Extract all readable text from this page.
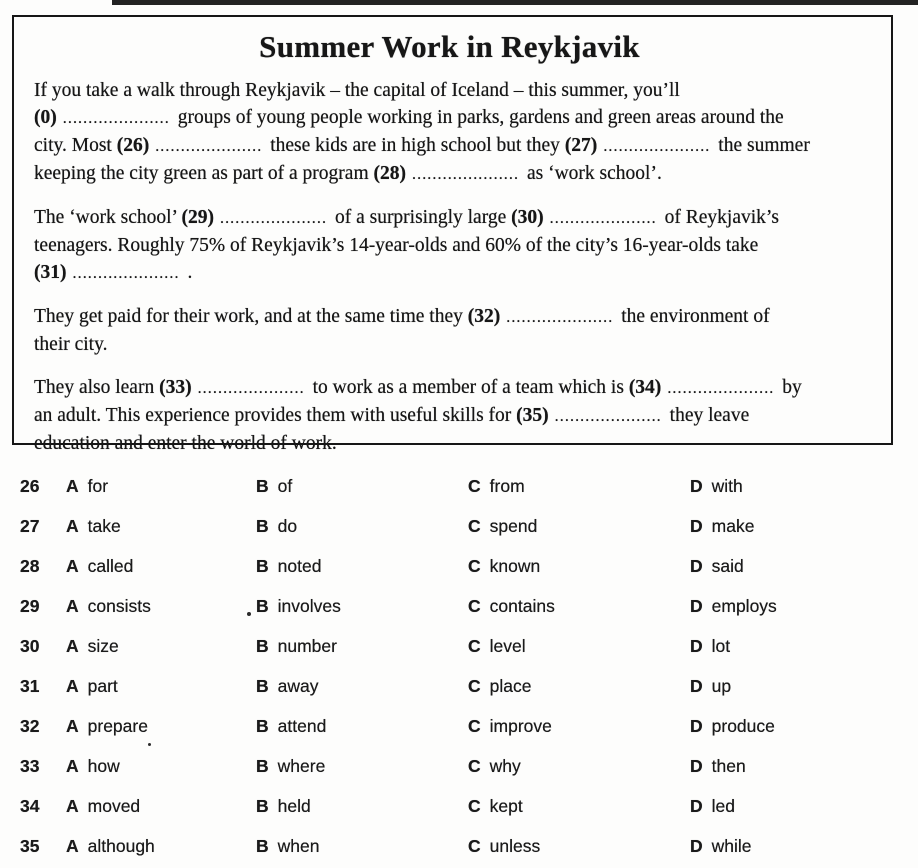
Summer Work in Reykjavik
If you take a walk through Reykjavik – the capital of Iceland – this summer, you’ll
(0) ..................... groups of young people working in parks, gardens and green areas around the
city. Most (26) ..................... these kids are in high school but they (27) ..................... the summer
keeping the city green as part of a program (28) ..................... as ‘work school’.
The ‘work school’ (29) ..................... of a surprisingly large (30) ..................... of Reykjavik’s
teenagers. Roughly 75% of Reykjavik’s 14-year-olds and 60% of the city’s 16-year-olds take
(31) ..................... .
They get paid for their work, and at the same time they (32) ..................... the environment of
their city.
They also learn (33) ..................... to work as a member of a team which is (34) ..................... by
an adult. This experience provides them with useful skills for (35) ..................... they leave
education and enter the world of work.
26	A for	B of	C from	D with
27	A take	B do	C spend	D make
28	A called	B noted	C known	D said
29	A consists	B involves	C contains	D employs
30	A size	B number	C level	D lot
31	A part	B away	C place	D up
32	A prepare	B attend	C improve	D produce
33	A how	B where	C why	D then
34	A moved	B held	C kept	D led
35	A although	B when	C unless	D while
